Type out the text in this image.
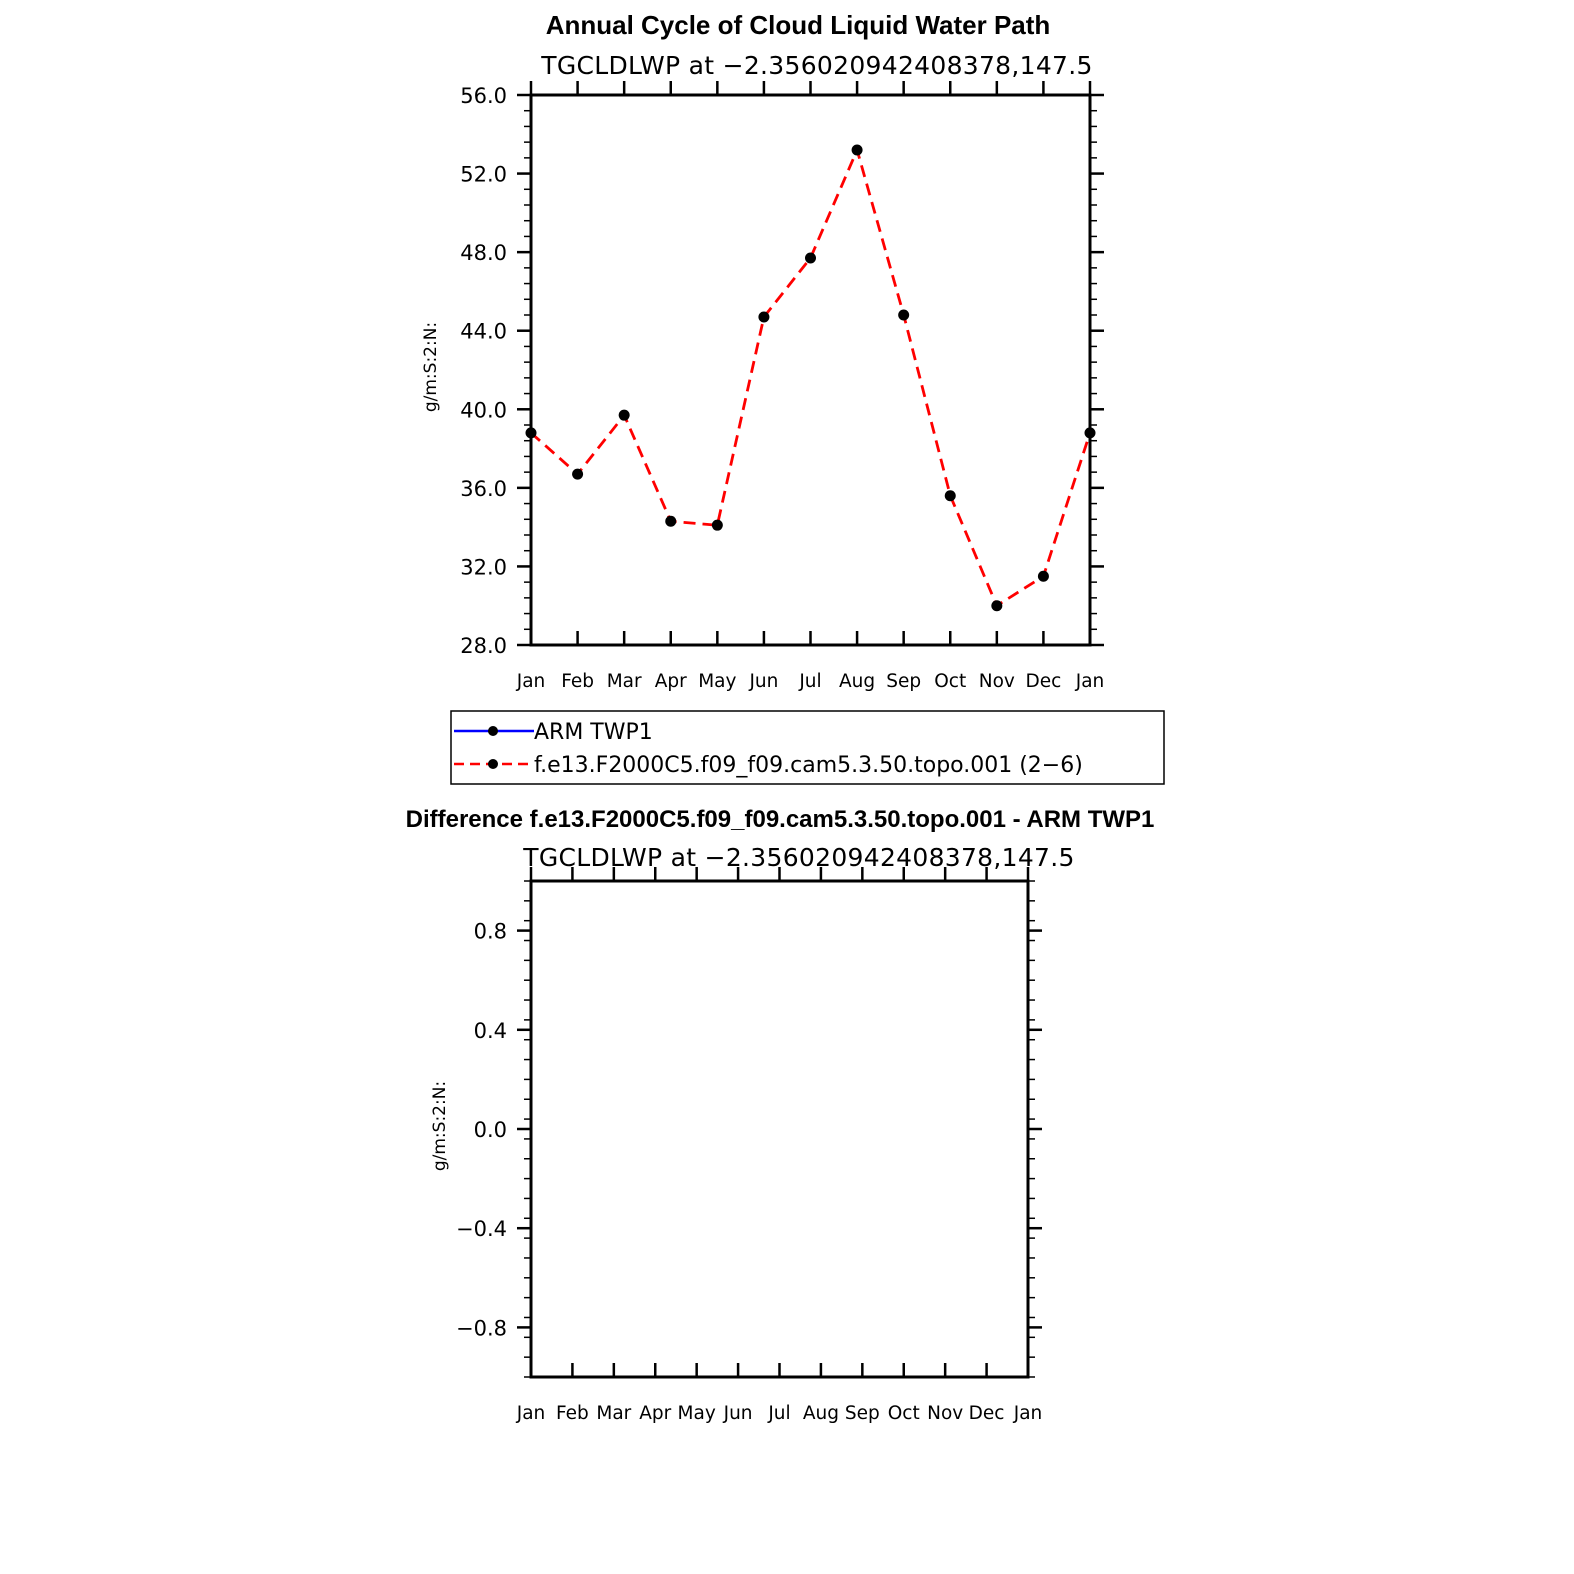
Annual Cycle of Cloud Liquid Water Path
TGCLDLWP at −2.356020942408378,147.5
g/m:S:2:N:
28.0
32.0
36.0
40.0
44.0
48.0
52.0
56.0
Jan Feb Mar Apr May Jun Jul Aug Sep Oct Nov Dec Jan
ARM TWP1
f.e13.F2000C5.f09_f09.cam5.3.50.topo.001 (2−6)
Difference f.e13.F2000C5.f09_f09.cam5.3.50.topo.001 - ARM TWP1
TGCLDLWP at −2.356020942408378,147.5
g/m:S:2:N:
−0.8
−0.4
0.0
0.4
0.8
Jan Feb Mar Apr May Jun Jul Aug Sep Oct Nov Dec Jan
